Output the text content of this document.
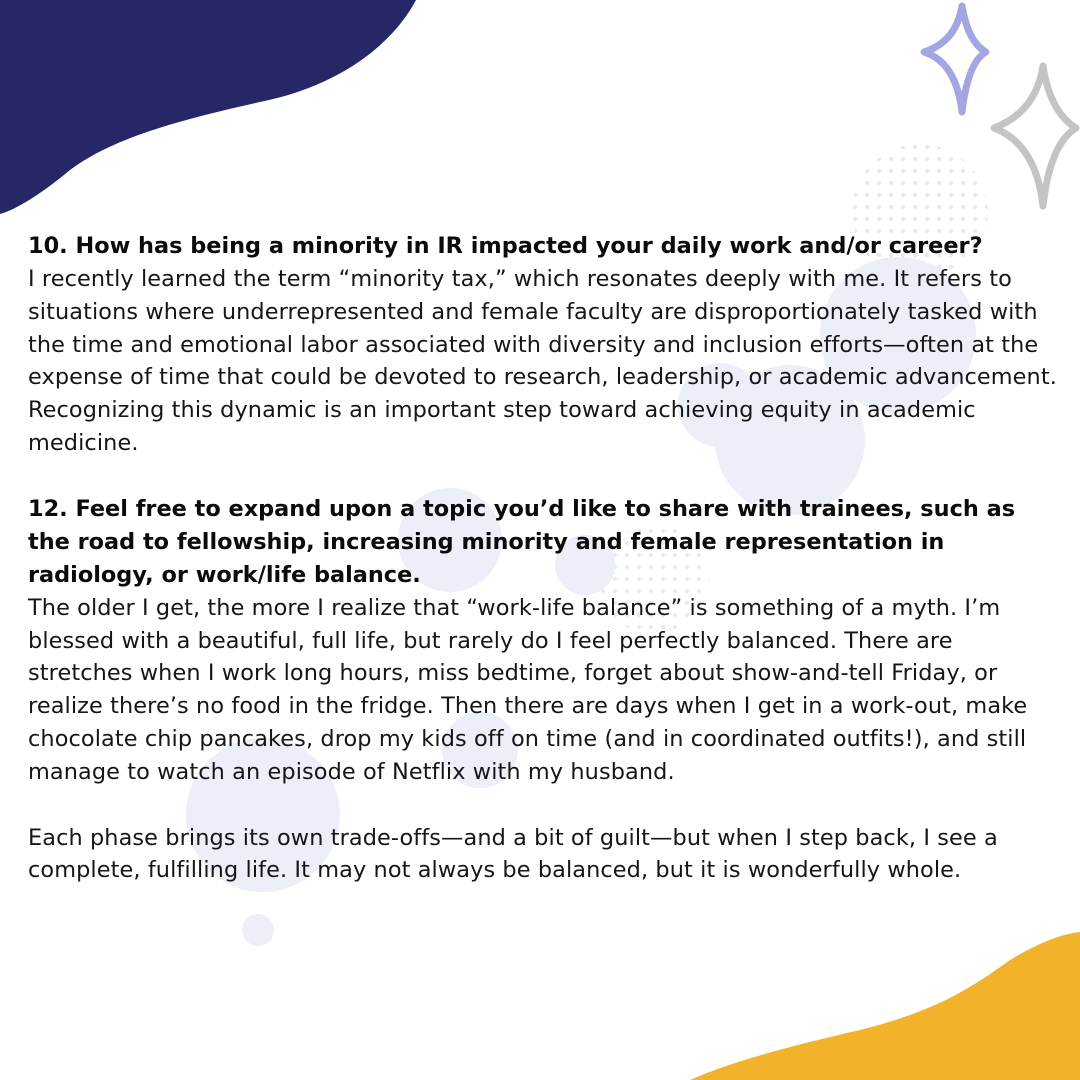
10. How has being a minority in IR impacted your daily work and/or career?

I recently learned the term “minority tax,” which resonates deeply with me. It refers to situations where underrepresented and female faculty are disproportionately tasked with the time and emotional labor associated with diversity and inclusion efforts—often at the expense of time that could be devoted to research, leadership, or academic advancement. Recognizing this dynamic is an important step toward achieving equity in academic medicine.

12. Feel free to expand upon a topic you’d like to share with trainees, such as the road to fellowship, increasing minority and female representation in radiology, or work/life balance.

The older I get, the more I realize that “work-life balance” is something of a myth. I’m blessed with a beautiful, full life, but rarely do I feel perfectly balanced. There are stretches when I work long hours, miss bedtime, forget about show-and-tell Friday, or realize there’s no food in the fridge. Then there are days when I get in a work-out, make chocolate chip pancakes, drop my kids off on time (and in coordinated outfits!), and still manage to watch an episode of Netflix with my husband.

Each phase brings its own trade-offs—and a bit of guilt—but when I step back, I see a complete, fulfilling life. It may not always be balanced, but it is wonderfully whole.
